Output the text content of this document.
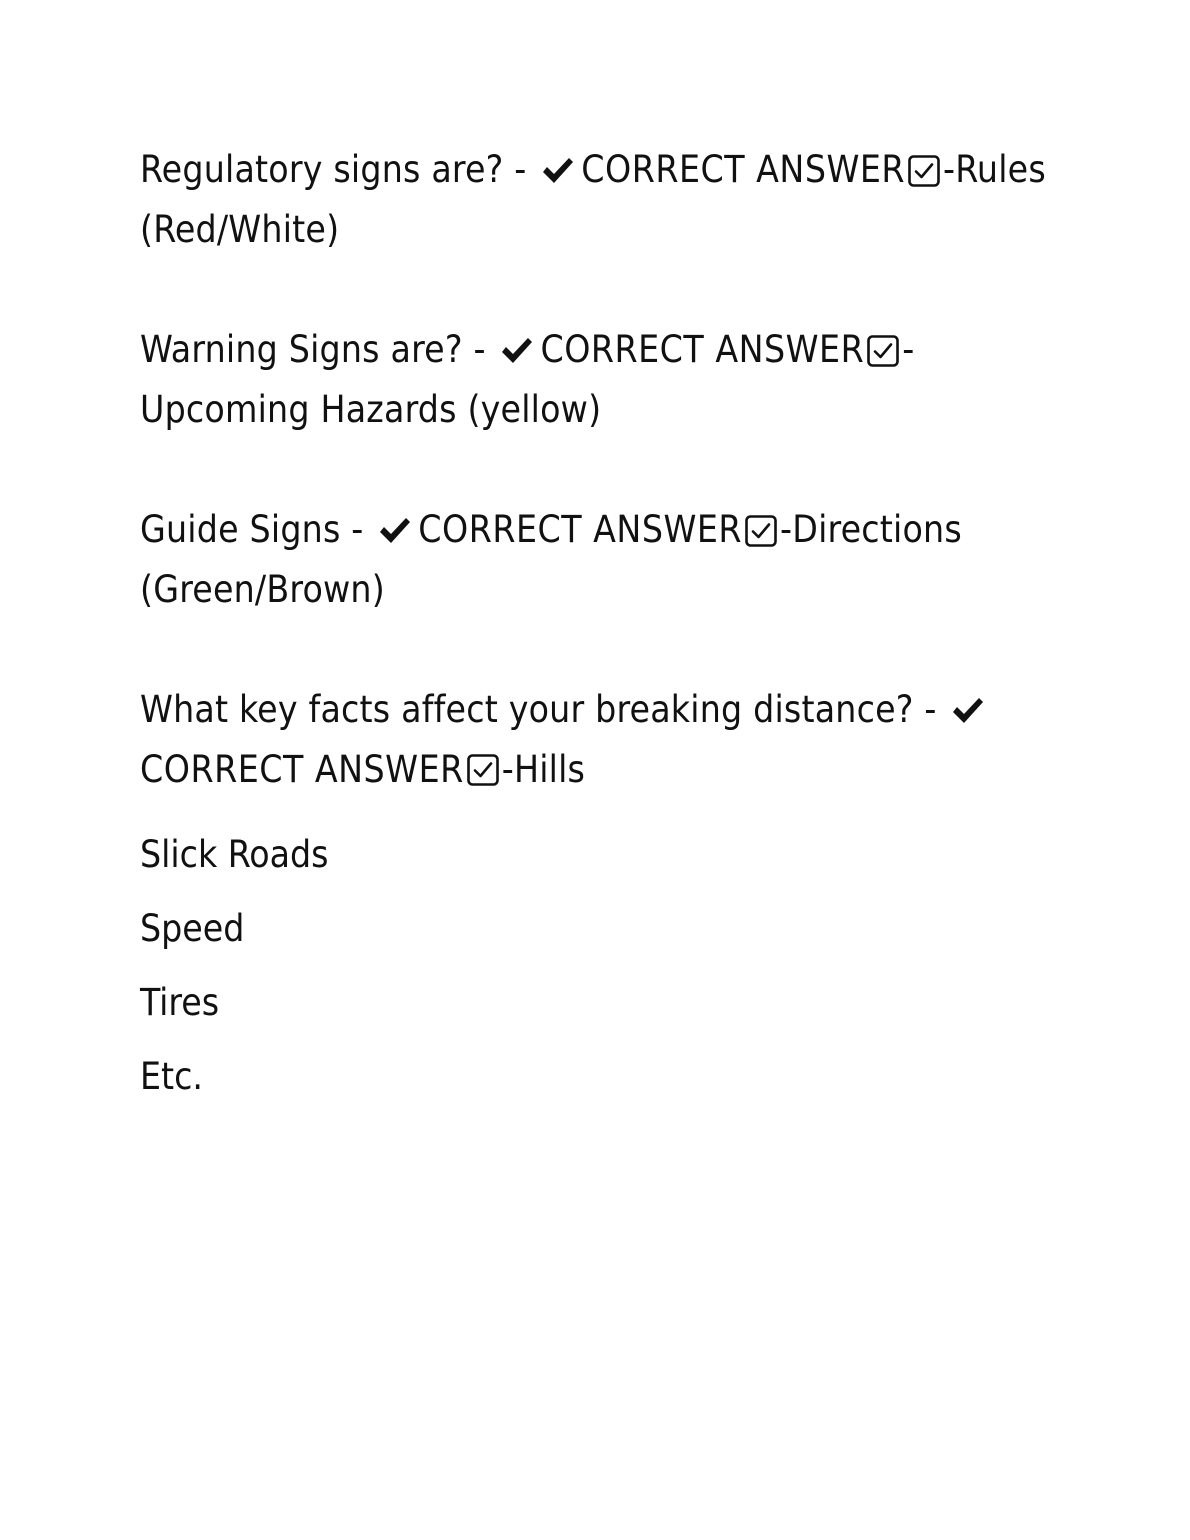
Regulatory signs are? -
CORRECT ANSWER -Rules (Red/White)

Warning Signs are? -
CORRECT ANSWER -Upcoming Hazards (yellow)

Guide Signs -
CORRECT ANSWER -Directions (Green/Brown)

What key facts affect your breaking distance? -
CORRECT ANSWER -Hills

Slick Roads

Speed

Tires

Etc.
